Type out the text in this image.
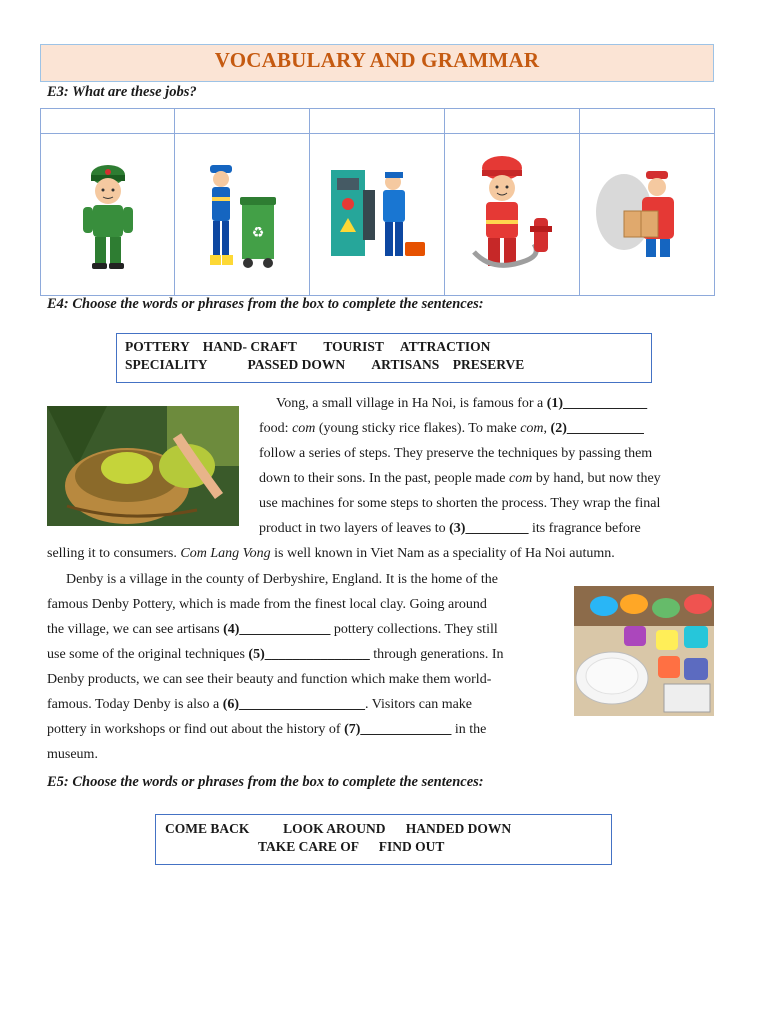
VOCABULARY AND GRAMMAR
E3: What are these jobs?

♻

E4: Choose the words or phrases from the box to complete the sentences:
POTTERY    HAND- CRAFT        TOURIST     ATTRACTION
SPECIALITY            PASSED DOWN        ARTISANS    PRESERVE
Vong, a small village in Ha Noi, is famous for a (1)____________
food: com (young sticky rice flakes). To make com, (2)___________
follow a series of steps. They preserve the techniques by passing them
down to their sons. In the past, people made com by hand, but now they
use machines for some steps to shorten the process. They wrap the final
product in two layers of leaves to (3)_________ its fragrance before
selling it to consumers. Com Lang Vong is well known in Viet Nam as a speciality of Ha Noi autumn.
Denby is a village in the county of Derbyshire, England. It is the home of the
famous Denby Pottery, which is made from the finest local clay. Going around
the village, we can see artisans (4)_____________ pottery collections. They still
use some of the original techniques (5)_______________ through generations. In
Denby products, we can see their beauty and function which make them world-
famous. Today Denby is also a (6)__________________. Visitors can make
pottery in workshops or find out about the history of (7)_____________ in the
museum.
E5: Choose the words or phrases from the box to complete the sentences:
COME BACK          LOOK AROUND      HANDED DOWN
TAKE CARE OF      FIND OUT
